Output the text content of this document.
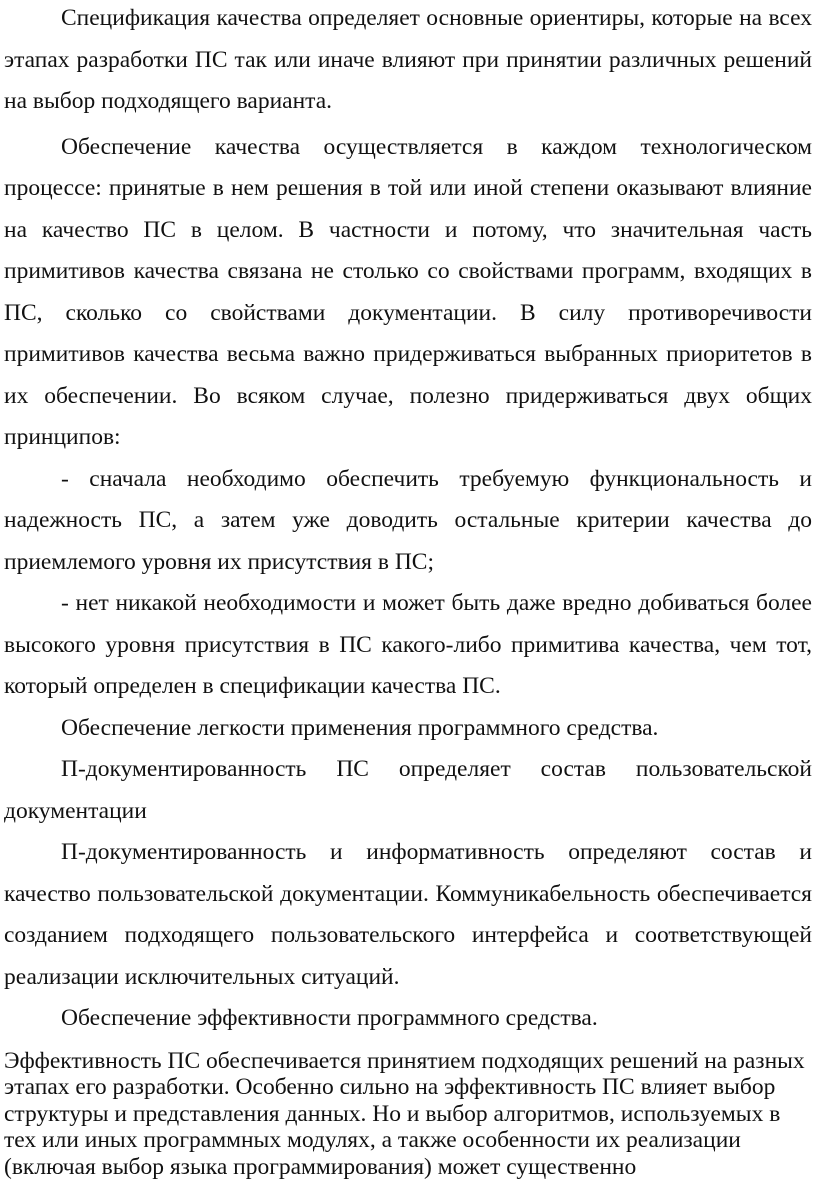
Спецификация качества определяет основные ориентиры, которые на всех этапах разработки ПС так или иначе влияют при принятии различных решений на выбор подходящего варианта.

Обеспечение качества осуществляется в каждом технологическом процессе: принятые в нем решения в той или иной степени оказывают влияние на качество ПС в целом. В частности и потому, что значительная часть примитивов качества связана не столько со свойствами программ, входящих в ПС, сколько со свойствами документации. В силу противоречивости примитивов качества весьма важно придерживаться выбранных приоритетов в их обеспечении. Во всяком случае, полезно придерживаться двух общих принципов:

- сначала необходимо обеспечить требуемую функциональность и надежность ПС, а затем уже доводить остальные критерии качества до приемлемого уровня их присутствия в ПС;

- нет никакой необходимости и может быть даже вредно добиваться более высокого уровня присутствия в ПС какого-либо примитива качества, чем тот, который определен в спецификации качества ПС.

Обеспечение легкости применения программного средства.

П-документированность ПС определяет состав пользовательской документации

П-документированность и информативность определяют состав и качество пользовательской документации. Коммуникабельность обеспечивается созданием подходящего пользовательского интерфейса и соответствующей реализации исключительных ситуаций.

Обеспечение эффективности программного средства.

Эффективность ПС обеспечивается принятием подходящих решений на разных этапах его разработки. Особенно сильно на эффективность ПС влияет выбор структуры и представления данных. Но и выбор алгоритмов, используемых в тех или иных программных модулях, а также особенности их реализации (включая выбор языка программирования) может существенно
